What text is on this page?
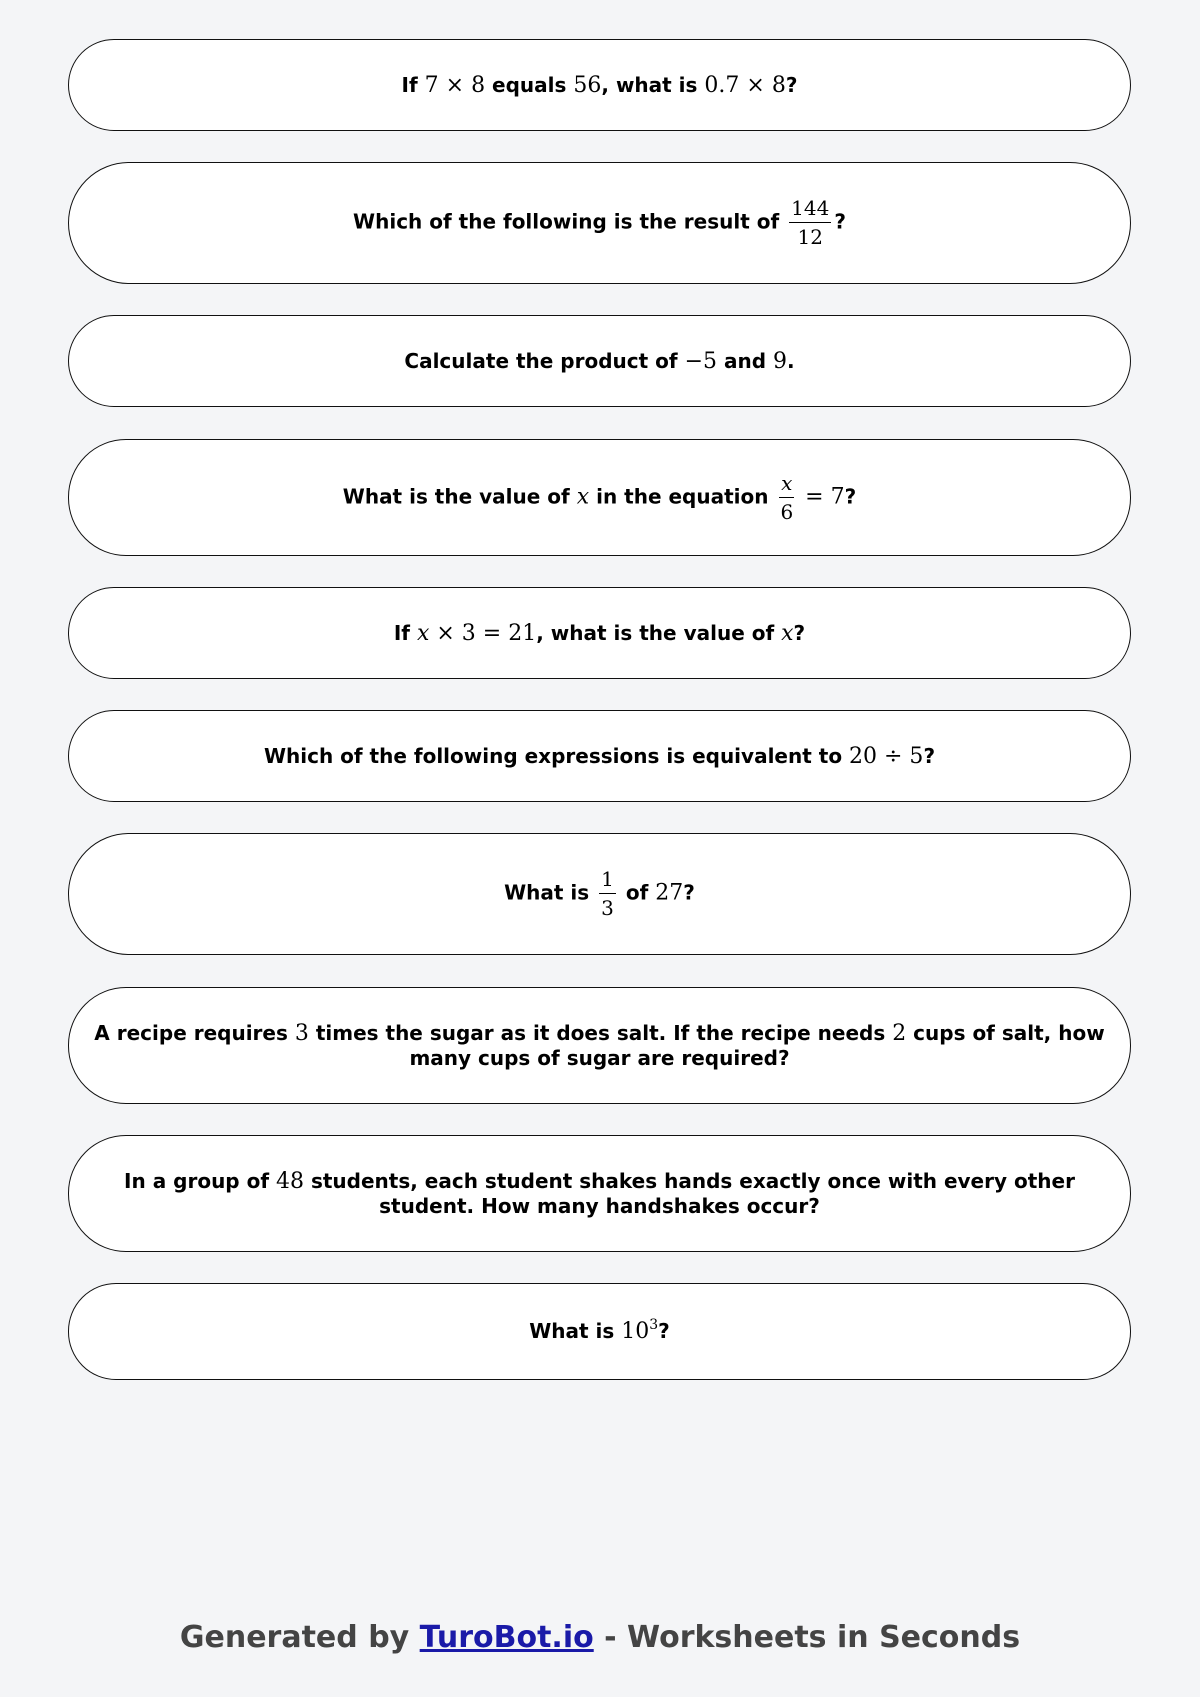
If 7 × 8 equals 56, what is 0.7 × 8?
Which of the following is the result of $\frac{144}{12}$ ?
Calculate the product of −5 and 9.
What is the value of x in the equation $\frac{x}{6} = 7$?
If x × 3 = 21, what is the value of x?
Which of the following expressions is equivalent to 20 ÷ 5?
What is $\frac{1}{3}$ of 27?
A recipe requires 3 times the sugar as it does salt. If the recipe needs 2 cups of salt, how many cups of sugar are required?
In a group of 48 students, each student shakes hands exactly once with every other student. How many handshakes occur?
What is $10^3$?
Generated by TuroBot.io - Worksheets in Seconds
